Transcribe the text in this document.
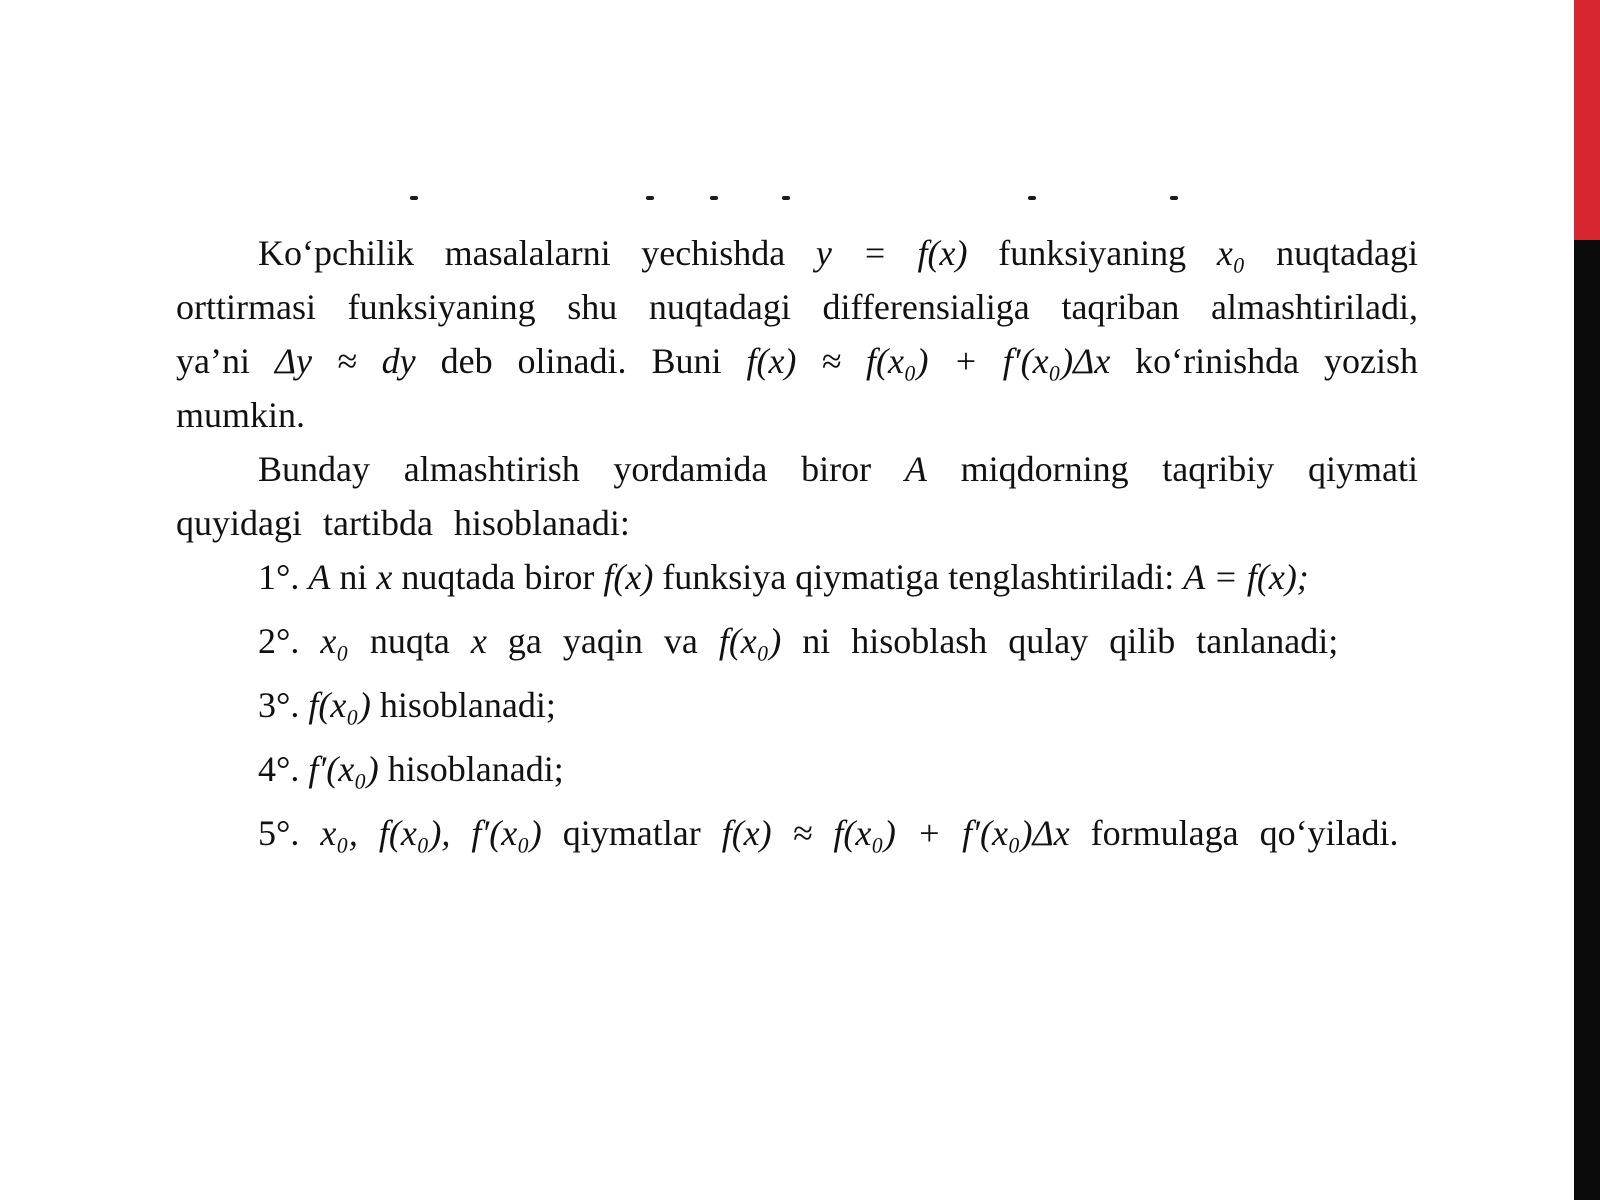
Ko‘pchilik masalalarni yechishda y = f(x) funksiyaning x₀ nuqtadagi orttirmasi funksiyaning shu nuqtadagi differensialiga taqriban almashtiriladi, ya’ni Δy ≈ dy deb olinadi. Buni f(x) ≈ f(x₀) + f′(x₀)Δx ko‘rinishda yozish mumkin.

Bunday almashtirish yordamida biror A miqdorning taqribiy qiymati quyidagi tartibda hisoblanadi:

1°. A ni x nuqtada biror f(x) funksiya qiymatiga tenglashtiriladi: A = f(x);

2°. x₀ nuqta x ga yaqin va f(x₀) ni hisoblash qulay qilib tanlanadi;

3°. f(x₀) hisoblanadi;

4°. f′(x₀) hisoblanadi;

5°. x₀, f(x₀), f′(x₀) qiymatlar f(x) ≈ f(x₀) + f′(x₀)Δx formulaga qo‘yiladi.
